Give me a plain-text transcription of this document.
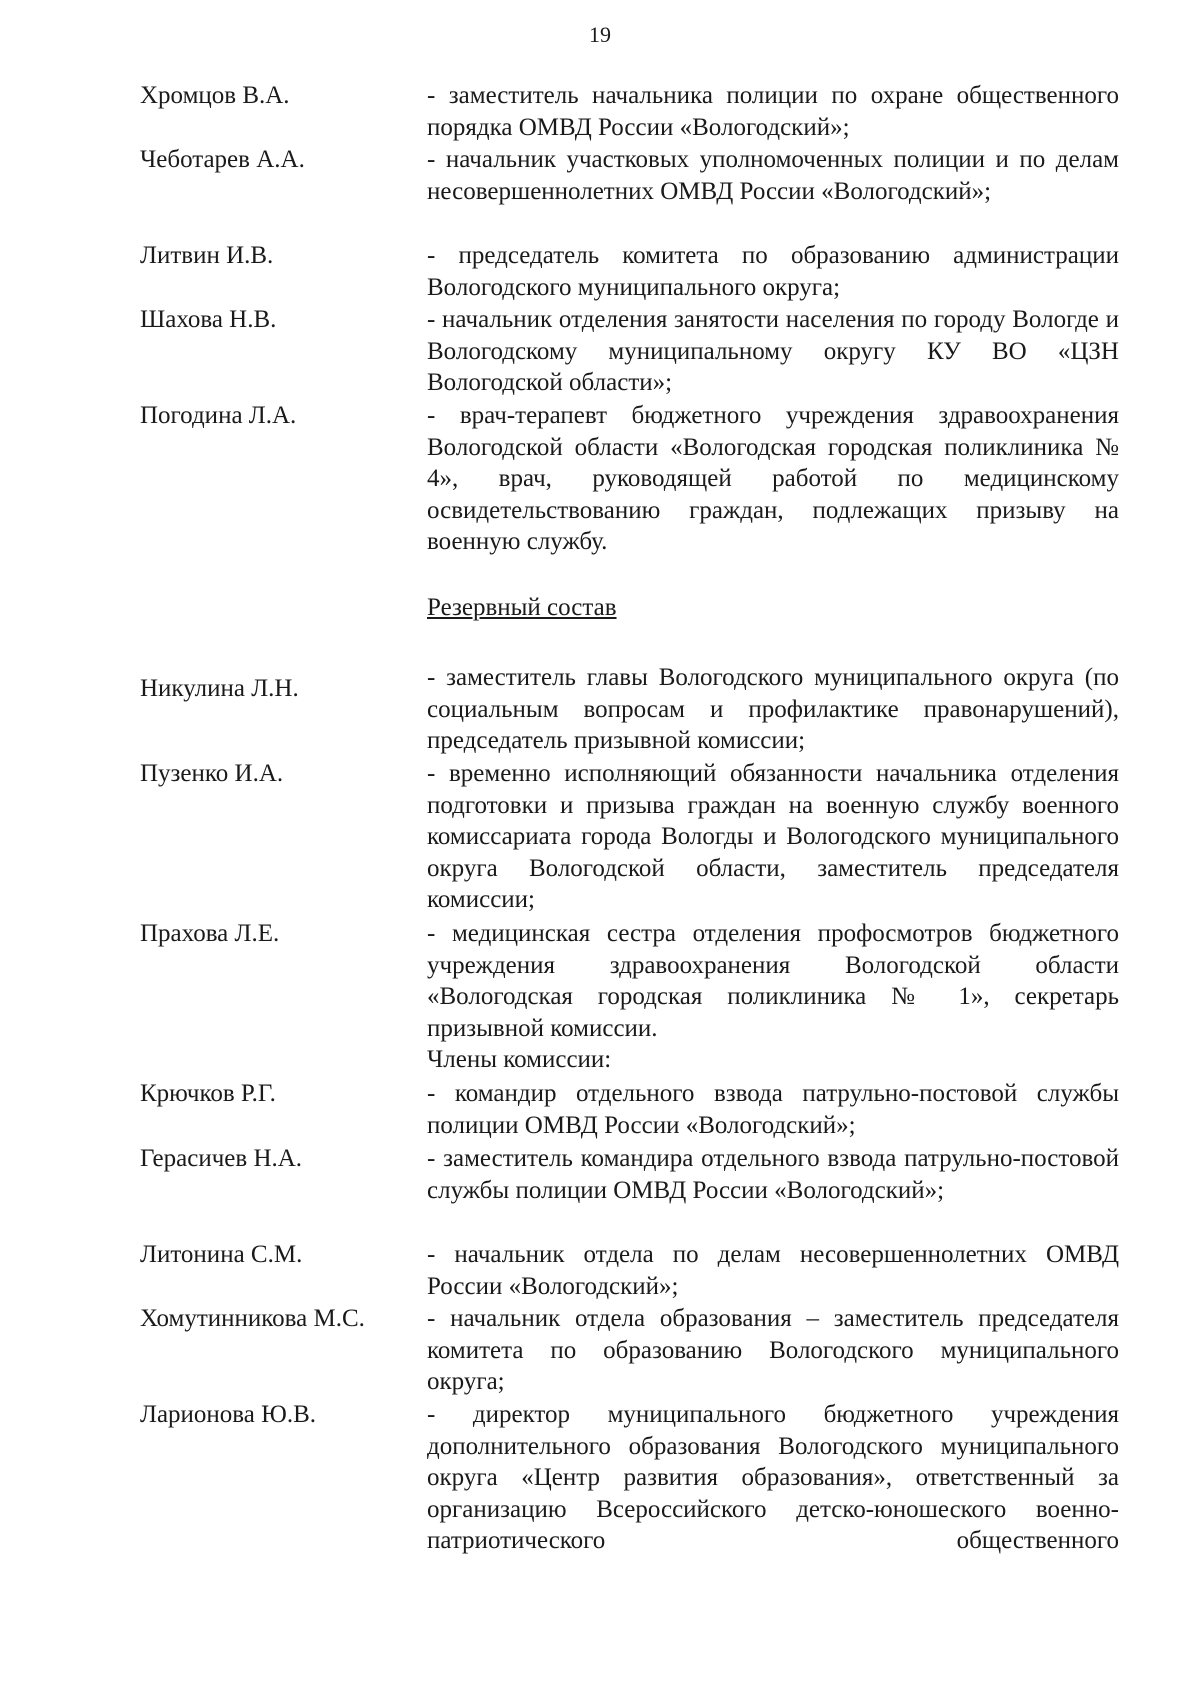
19
Хромцов В.А.	- заместитель начальника полиции по охране общественного порядка ОМВД России «Вологодский»;
Чеботарев А.А.	- начальник участковых уполномоченных полиции и по делам несовершеннолетних ОМВД России «Вологодский»;
Литвин И.В.	- председатель комитета по образованию администрации Вологодского муниципального округа;
Шахова Н.В.	- начальник отделения занятости населения по городу Вологде и Вологодскому муниципальному округу КУ ВО «ЦЗН Вологодской области»;
Погодина Л.А.	- врач-терапевт бюджетного учреждения здравоохранения Вологодской области «Вологодская городская поликлиника № 4», врач, руководящей работой по медицинскому освидетельствованию граждан, подлежащих призыву на военную службу.
Резервный состав
Никулина Л.Н.	- заместитель главы Вологодского муниципального округа (по социальным вопросам и профилактике правонарушений), председатель призывной комиссии;
Пузенко И.А.	- временно исполняющий обязанности начальника отделения подготовки и призыва граждан на военную службу военного комиссариата города Вологды и Вологодского муниципального округа Вологодской области, заместитель председателя комиссии;
Прахова Л.Е.	- медицинская сестра отделения профосмотров бюджетного учреждения здравоохранения Вологодской области «Вологодская городская поликлиника № 1», секретарь призывной комиссии.
Члены комиссии:
Крючков Р.Г.	- командир отдельного взвода патрульно-постовой службы полиции ОМВД России «Вологодский»;
Герасичев Н.А.	- заместитель командира отдельного взвода патрульно-постовой службы полиции ОМВД России «Вологодский»;
Литонина С.М.	- начальник отдела по делам несовершеннолетних ОМВД России «Вологодский»;
Хомутинникова М.С. - начальник отдела образования – заместитель председателя комитета по образованию Вологодского муниципального округа;
Ларионова Ю.В.	- директор муниципального бюджетного учреждения дополнительного образования Вологодского муниципального округа «Центр развития образования», ответственный за организацию Всероссийского детско-юношеского военно-патриотического общественного
